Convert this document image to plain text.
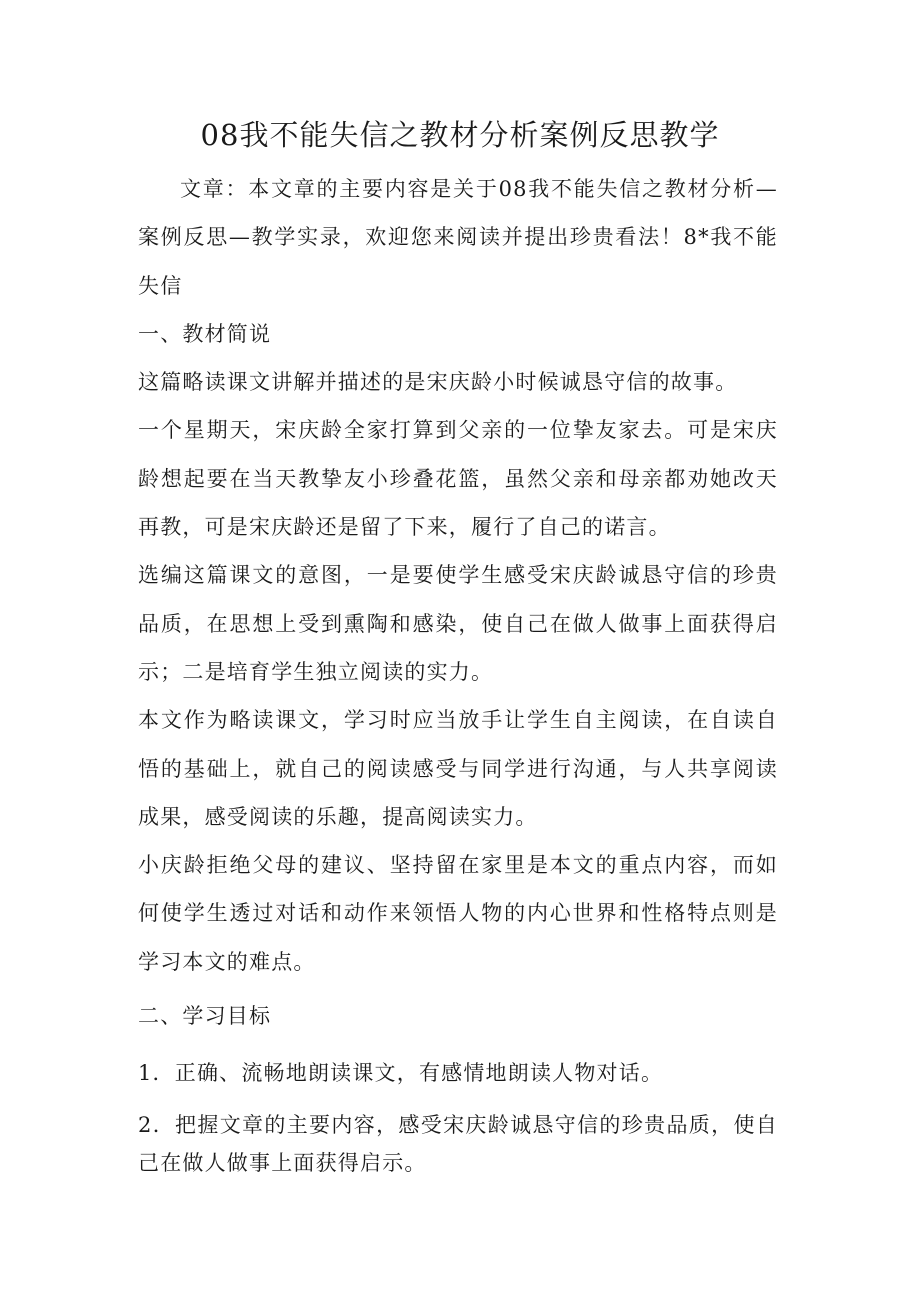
08我不能失信之教材分析案例反思教学

文章：本文章的主要内容是关于08我不能失信之教材分析—案例反思—教学实录，欢迎您来阅读并提出珍贵看法！8*我不能失信

一、教材简说

这篇略读课文讲解并描述的是宋庆龄小时候诚恳守信的故事。

一个星期天，宋庆龄全家打算到父亲的一位挚友家去。可是宋庆龄想起要在当天教挚友小珍叠花篮，虽然父亲和母亲都劝她改天再教，可是宋庆龄还是留了下来，履行了自己的诺言。

选编这篇课文的意图，一是要使学生感受宋庆龄诚恳守信的珍贵品质，在思想上受到熏陶和感染，使自己在做人做事上面获得启示；二是培育学生独立阅读的实力。

本文作为略读课文，学习时应当放手让学生自主阅读，在自读自悟的基础上，就自己的阅读感受与同学进行沟通，与人共享阅读成果，感受阅读的乐趣，提高阅读实力。

小庆龄拒绝父母的建议、坚持留在家里是本文的重点内容，而如何使学生透过对话和动作来领悟人物的内心世界和性格特点则是学习本文的难点。

二、学习目标

1．正确、流畅地朗读课文，有感情地朗读人物对话。

2．把握文章的主要内容，感受宋庆龄诚恳守信的珍贵品质，使自己在做人做事上面获得启示。
